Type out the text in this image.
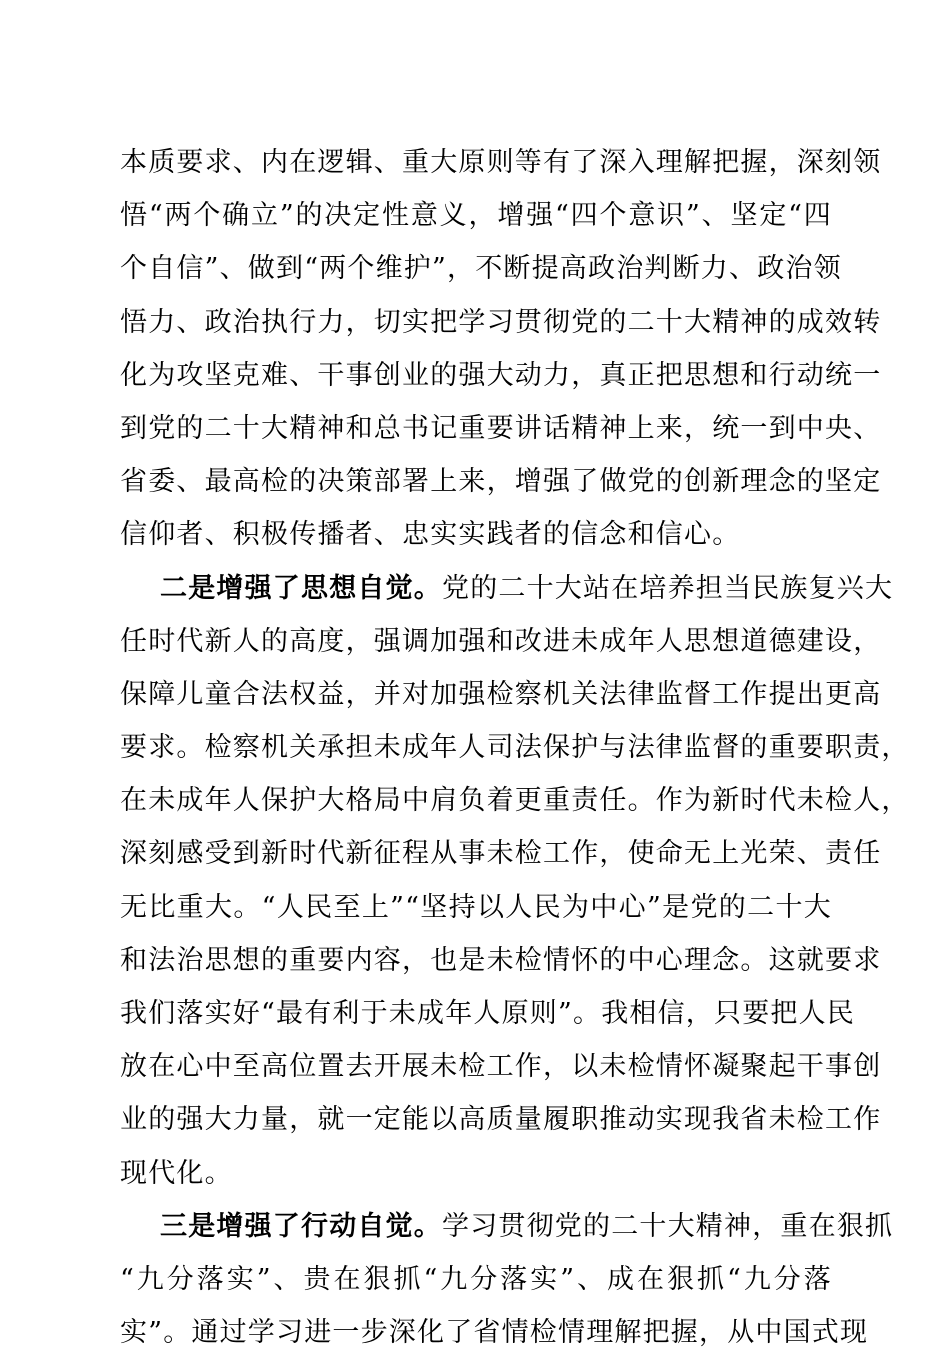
本质要求、内在逻辑、重大原则等有了深入理解把握，深刻领
悟“两个确立”的决定性意义，增强“四个意识”、坚定“四
个自信”、做到“两个维护”，不断提高政治判断力、政治领
悟力、政治执行力，切实把学习贯彻党的二十大精神的成效转
化为攻坚克难、干事创业的强大动力，真正把思想和行动统一
到党的二十大精神和总书记重要讲话精神上来，统一到中央、
省委、最高检的决策部署上来，增强了做党的创新理念的坚定
信仰者、积极传播者、忠实实践者的信念和信心。
二是增强了思想自觉。党的二十大站在培养担当民族复兴大
任时代新人的高度，强调加强和改进未成年人思想道德建设，
保障儿童合法权益，并对加强检察机关法律监督工作提出更高
要求。检察机关承担未成年人司法保护与法律监督的重要职责，
在未成年人保护大格局中肩负着更重责任。作为新时代未检人，
深刻感受到新时代新征程从事未检工作，使命无上光荣、责任
无比重大。“人民至上”“坚持以人民为中心”是党的二十大
和法治思想的重要内容，也是未检情怀的中心理念。这就要求
我们落实好“最有利于未成年人原则”。我相信，只要把人民
放在心中至高位置去开展未检工作，以未检情怀凝聚起干事创
业的强大力量，就一定能以高质量履职推动实现我省未检工作
现代化。
三是增强了行动自觉。学习贯彻党的二十大精神，重在狠抓
“九分落实”、贵在狠抓“九分落实”、成在狠抓“九分落
实”。通过学习进一步深化了省情检情理解把握，从中国式现
